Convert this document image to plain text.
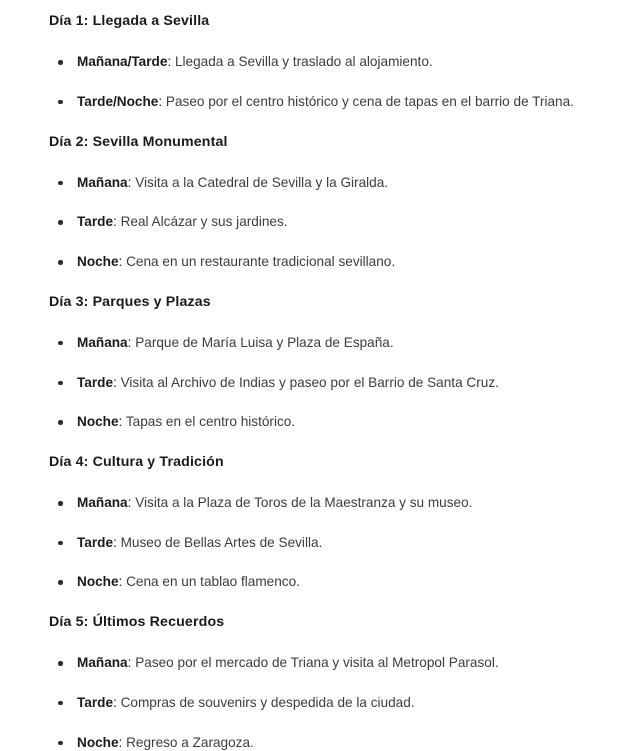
Día 1: Llegada a Sevilla
Mañana/Tarde: Llegada a Sevilla y traslado al alojamiento.
Tarde/Noche: Paseo por el centro histórico y cena de tapas en el barrio de Triana.
Día 2: Sevilla Monumental
Mañana: Visita a la Catedral de Sevilla y la Giralda.
Tarde: Real Alcázar y sus jardines.
Noche: Cena en un restaurante tradicional sevillano.
Día 3: Parques y Plazas
Mañana: Parque de María Luisa y Plaza de España.
Tarde: Visita al Archivo de Indias y paseo por el Barrio de Santa Cruz.
Noche: Tapas en el centro histórico.
Día 4: Cultura y Tradición
Mañana: Visita a la Plaza de Toros de la Maestranza y su museo.
Tarde: Museo de Bellas Artes de Sevilla.
Noche: Cena en un tablao flamenco.
Día 5: Últimos Recuerdos
Mañana: Paseo por el mercado de Triana y visita al Metropol Parasol.
Tarde: Compras de souvenirs y despedida de la ciudad.
Noche: Regreso a Zaragoza.
